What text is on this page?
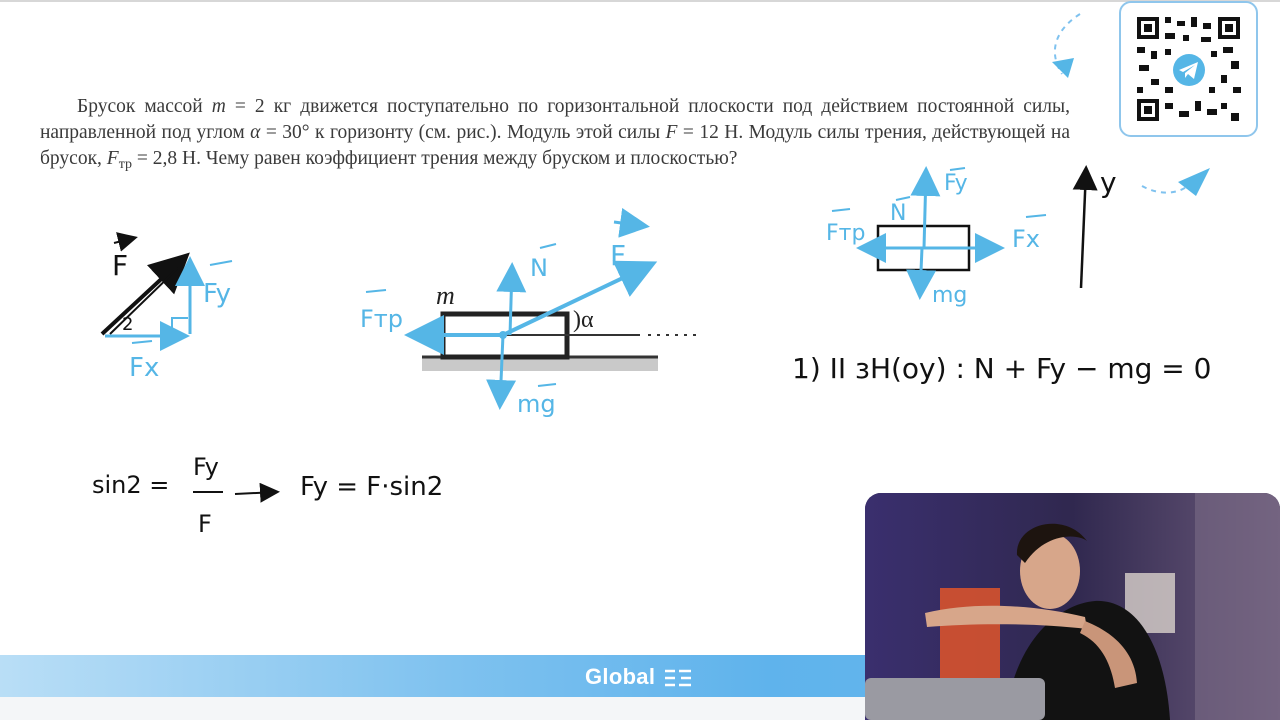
Брусок массой m = 2 кг движется поступательно по горизонтальной плоскости под действием постоянной силы, направленной под углом α = 30° к горизонту (см. рис.). Модуль этой силы F = 12 Н. Модуль силы трения, действующей на брусок, $F_{тр} = 2,8$ Н. Чему равен коэффициент трения между бруском и плоскостью?

F
Fy
Fx
2
m
)α
F
Fтр
N
mg
Fy
N
Fтр	Fx
mg
y
1) II зН(oy) : N + Fy − mg = 0
sin2 =
Fy
F
Fy = F·sin2
Global
